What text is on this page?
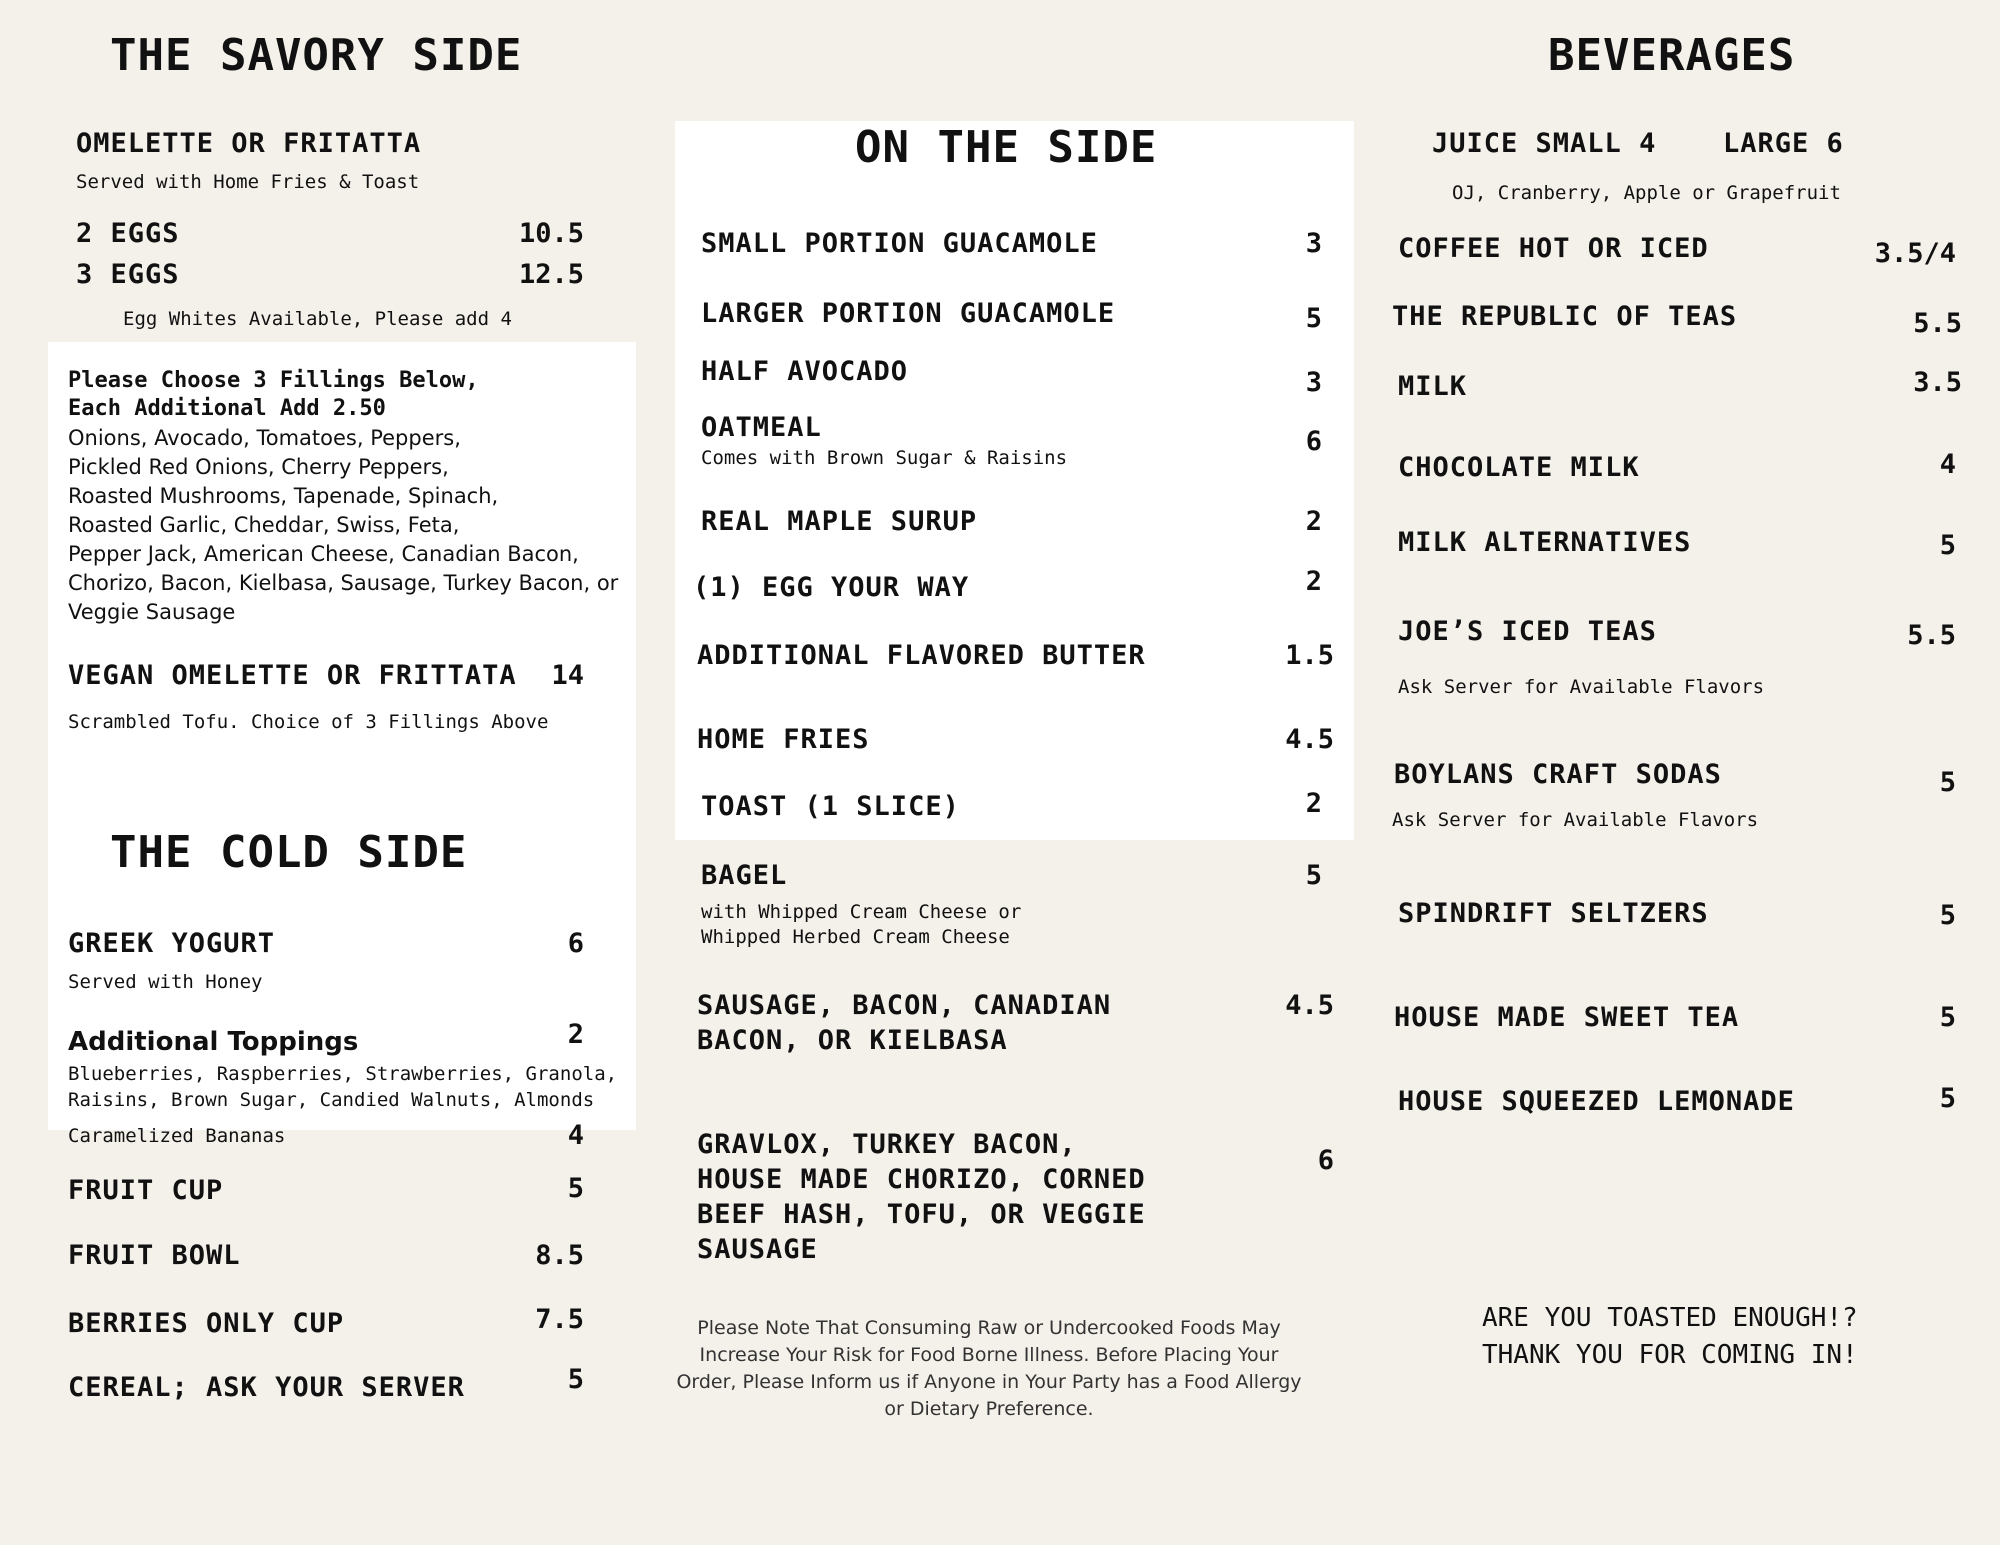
THE SAVORY SIDE
OMELETTE OR FRITATTA
Served with Home Fries & Toast
2 EGGS	10.5
3 EGGS	12.5
Egg Whites Available, Please add 4
Please Choose 3 Fillings Below,
Each Additional Add 2.50
Onions, Avocado, Tomatoes, Peppers,
Pickled Red Onions, Cherry Peppers,
Roasted Mushrooms, Tapenade, Spinach,
Roasted Garlic, Cheddar, Swiss, Feta,
Pepper Jack, American Cheese, Canadian Bacon,
Chorizo, Bacon, Kielbasa, Sausage, Turkey Bacon, or
Veggie Sausage
VEGAN OMELETTE OR FRITTATA	14
Scrambled Tofu. Choice of 3 Fillings Above
THE COLD SIDE
GREEK YOGURT	6
Served with Honey
Additional Toppings	2
Blueberries, Raspberries, Strawberries, Granola,
Raisins, Brown Sugar, Candied Walnuts, Almonds
Caramelized Bananas	4
FRUIT CUP	5
FRUIT BOWL	8.5
BERRIES ONLY CUP	7.5
CEREAL; ASK YOUR SERVER	5
ON THE SIDE
SMALL PORTION GUACAMOLE	3
LARGER PORTION GUACAMOLE	5
HALF AVOCADO	3
OATMEAL	6
Comes with Brown Sugar & Raisins
REAL MAPLE SURUP	2
(1) EGG YOUR WAY	2
ADDITIONAL FLAVORED BUTTER	1.5
HOME FRIES	4.5
TOAST (1 SLICE)	2
BAGEL	5
with Whipped Cream Cheese or
Whipped Herbed Cream Cheese
SAUSAGE, BACON, CANADIAN
BACON, OR KIELBASA
4.5
GRAVLOX, TURKEY BACON,
HOUSE MADE CHORIZO, CORNED
BEEF HASH, TOFU, OR VEGGIE
SAUSAGE
6
Please Note That Consuming Raw or Undercooked Foods May
Increase Your Risk for Food Borne Illness. Before Placing Your
Order, Please Inform us if Anyone in Your Party has a Food Allergy
or Dietary Preference.
BEVERAGES
JUICE SMALL 4 LARGE 6
OJ, Cranberry, Apple or Grapefruit
COFFEE HOT OR ICED	3.5/4
THE REPUBLIC OF TEAS	5.5
MILK	3.5
CHOCOLATE MILK	4
MILK ALTERNATIVES	5
JOE’S ICED TEAS	5.5
Ask Server for Available Flavors
BOYLANS CRAFT SODAS	5
Ask Server for Available Flavors
SPINDRIFT SELTZERS	5
HOUSE MADE SWEET TEA	5
HOUSE SQUEEZED LEMONADE	5
ARE YOU TOASTED ENOUGH!?
THANK YOU FOR COMING IN!
